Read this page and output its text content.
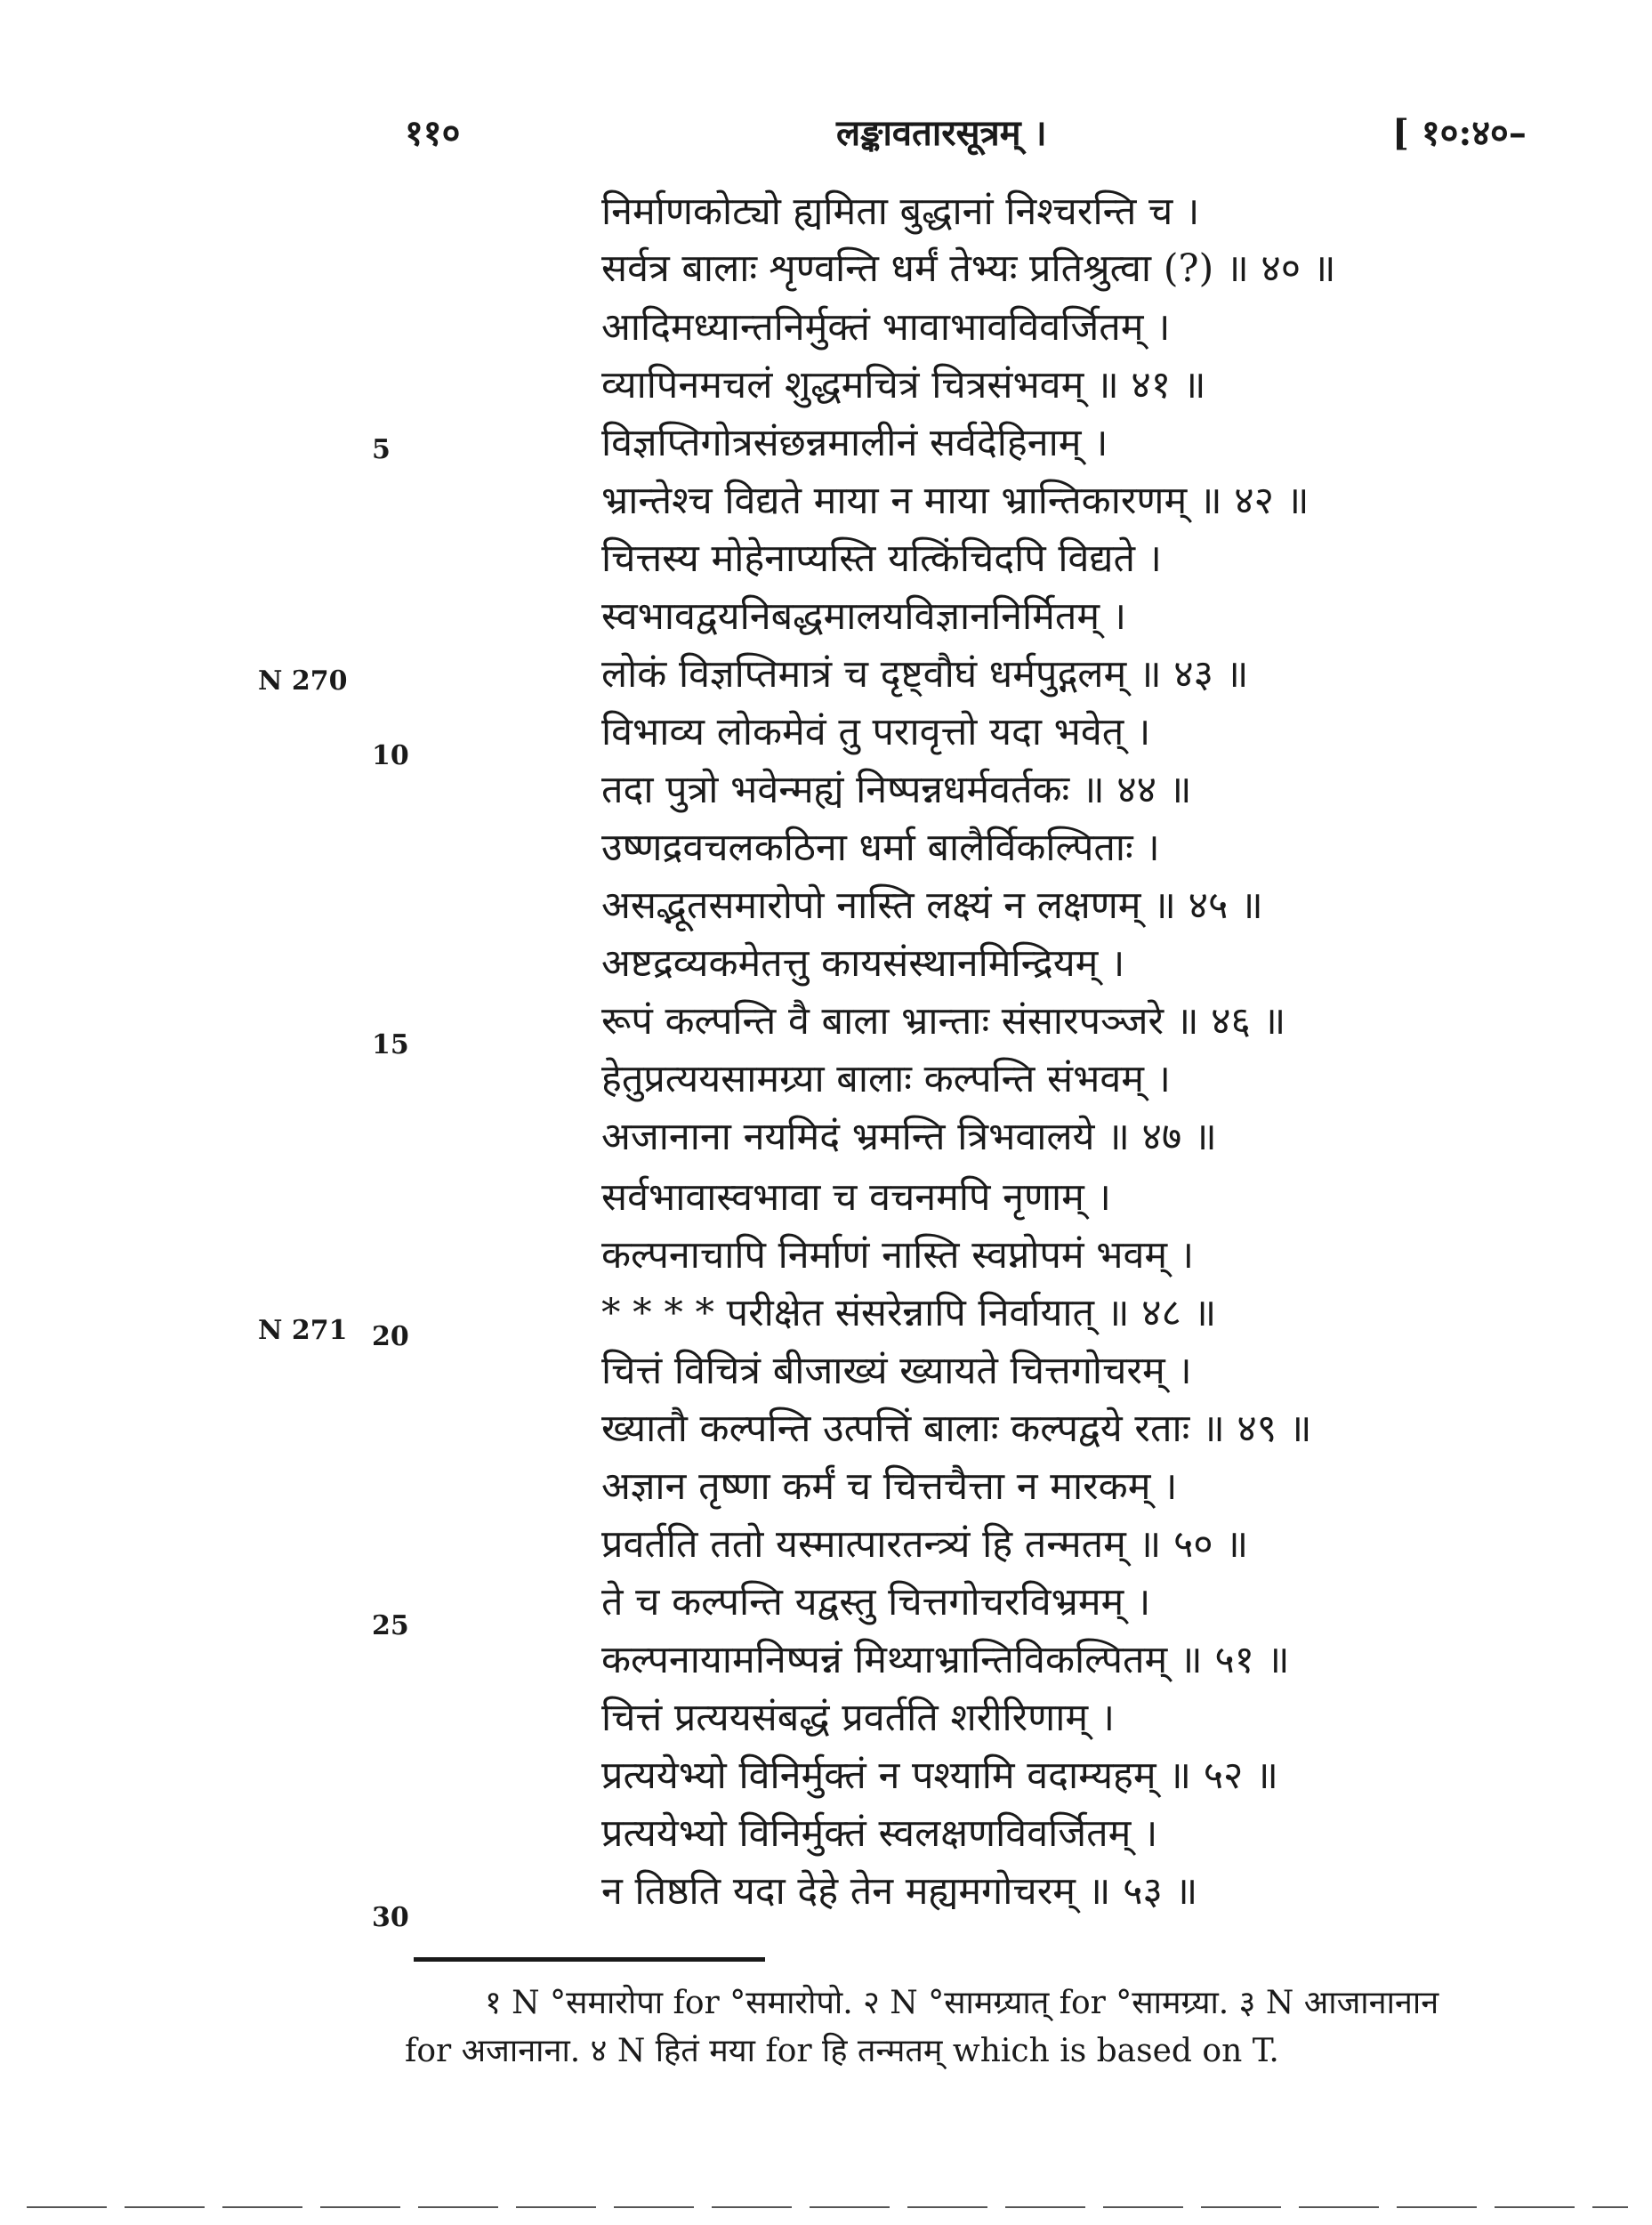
११०	लङ्कावतारसूत्रम् ।	[ १०:४०–
निर्माणकोट्यो ह्यमिता बुद्धानां निश्चरन्ति च ।
सर्वत्र बालाः शृण्वन्ति धर्मं तेभ्यः प्रतिश्रुत्वा (?) ॥ ४० ॥
आदिमध्यान्तनिर्मुक्तं भावाभावविवर्जितम् ।
व्यापिनमचलं शुद्धमचित्रं चित्रसंभवम् ॥ ४१ ॥
विज्ञप्तिगोत्रसंछन्नमालीनं सर्वदेहिनाम् ।
भ्रान्तेश्च विद्यते माया न माया भ्रान्तिकारणम् ॥ ४२ ॥
चित्तस्य मोहेनाप्यस्ति यत्किंचिदपि विद्यते ।
स्वभावद्वयनिबद्धमालयविज्ञाननिर्मितम् ।
लोकं विज्ञप्तिमात्रं च दृष्ट्वौघं धर्मपुद्गलम् ॥ ४३ ॥
विभाव्य लोकमेवं तु परावृत्तो यदा भवेत् ।
तदा पुत्रो भवेन्मह्यं निष्पन्नधर्मवर्तकः ॥ ४४ ॥
उष्णद्रवचलकठिना धर्मा बालैर्विकल्पिताः ।
असद्भूतसमारोपो नास्ति लक्ष्यं न लक्षणम् ॥ ४५ ॥
अष्टद्रव्यकमेतत्तु कायसंस्थानमिन्द्रियम् ।
रूपं कल्पन्ति वै बाला भ्रान्ताः संसारपञ्जरे ॥ ४६ ॥
हेतुप्रत्ययसामग्र्या बालाः कल्पन्ति संभवम् ।
अजानाना नयमिदं भ्रमन्ति त्रिभवालये ॥ ४७ ॥
सर्वभावास्वभावा च वचनमपि नृणाम् ।
कल्पनाचापि निर्माणं नास्ति स्वप्नोपमं भवम् ।
* * * * परीक्षेत संसरेन्नापि निर्वायात् ॥ ४८ ॥
चित्तं विचित्रं बीजाख्यं ख्यायते चित्तगोचरम् ।
ख्यातौ कल्पन्ति उत्पत्तिं बालाः कल्पद्वये रताः ॥ ४९ ॥
अज्ञान तृष्णा कर्मं च चित्तचैत्ता न मारकम् ।
प्रवर्तति ततो यस्मात्पारतन्त्र्यं हि तन्मतम् ॥ ५० ॥
ते च कल्पन्ति यद्वस्तु चित्तगोचरविभ्रमम् ।
कल्पनायामनिष्पन्नं मिथ्याभ्रान्तिविकल्पितम् ॥ ५१ ॥
चित्तं प्रत्ययसंबद्धं प्रवर्तति शरीरिणाम् ।
प्रत्ययेभ्यो विनिर्मुक्तं न पश्यामि वदाम्यहम् ॥ ५२ ॥
प्रत्ययेभ्यो विनिर्मुक्तं स्वलक्षणविवर्जितम् ।
न तिष्ठति यदा देहे तेन मह्यमगोचरम् ॥ ५३ ॥
5
10
15
20
25
30
N 270
N 271
१ N °समारोपा for °समारोपो. २ N °सामग्र्यात् for °सामग्र्या. ३ N आजानानान
for अजानाना. ४ N हितं मया for हि तन्मतम् which is based on T.
